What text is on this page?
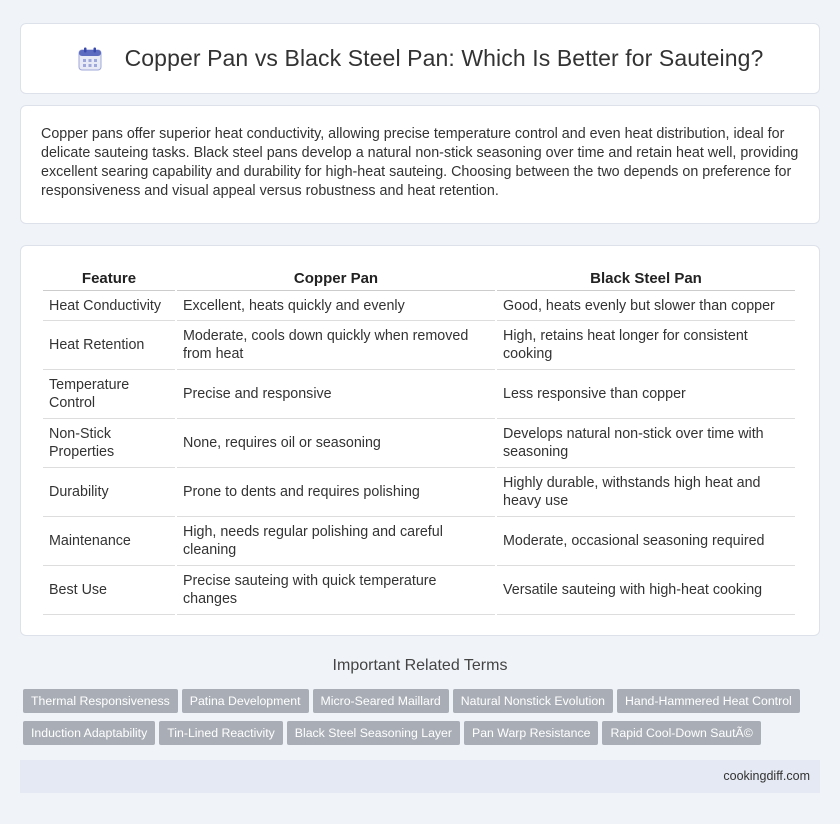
Copper Pan vs Black Steel Pan: Which Is Better for Sauteing?

Copper pans offer superior heat conductivity, allowing precise temperature control and even heat distribution, ideal for delicate sauteing tasks. Black steel pans develop a natural non-stick seasoning over time and retain heat well, providing excellent searing capability and durability for high-heat sauteing. Choosing between the two depends on preference for responsiveness and visual appeal versus robustness and heat retention.

Feature	Copper Pan	Black Steel Pan
Heat Conductivity	Excellent, heats quickly and evenly	Good, heats evenly but slower than copper
Heat Retention	Moderate, cools down quickly when removed from heat	High, retains heat longer for consistent cooking
Temperature Control	Precise and responsive	Less responsive than copper
Non-Stick Properties	None, requires oil or seasoning	Develops natural non-stick over time with seasoning
Durability	Prone to dents and requires polishing	Highly durable, withstands high heat and heavy use
Maintenance	High, needs regular polishing and careful cleaning	Moderate, occasional seasoning required
Best Use	Precise sauteing with quick temperature changes	Versatile sauteing with high-heat cooking
Important Related Terms
Thermal Responsiveness Patina Development Micro-Seared Maillard Natural Nonstick Evolution Hand-Hammered Heat Control
Induction Adaptability Tin-Lined Reactivity Black Steel Seasoning Layer Pan Warp Resistance Rapid Cool-Down SautÃ©
cookingdiff.com
